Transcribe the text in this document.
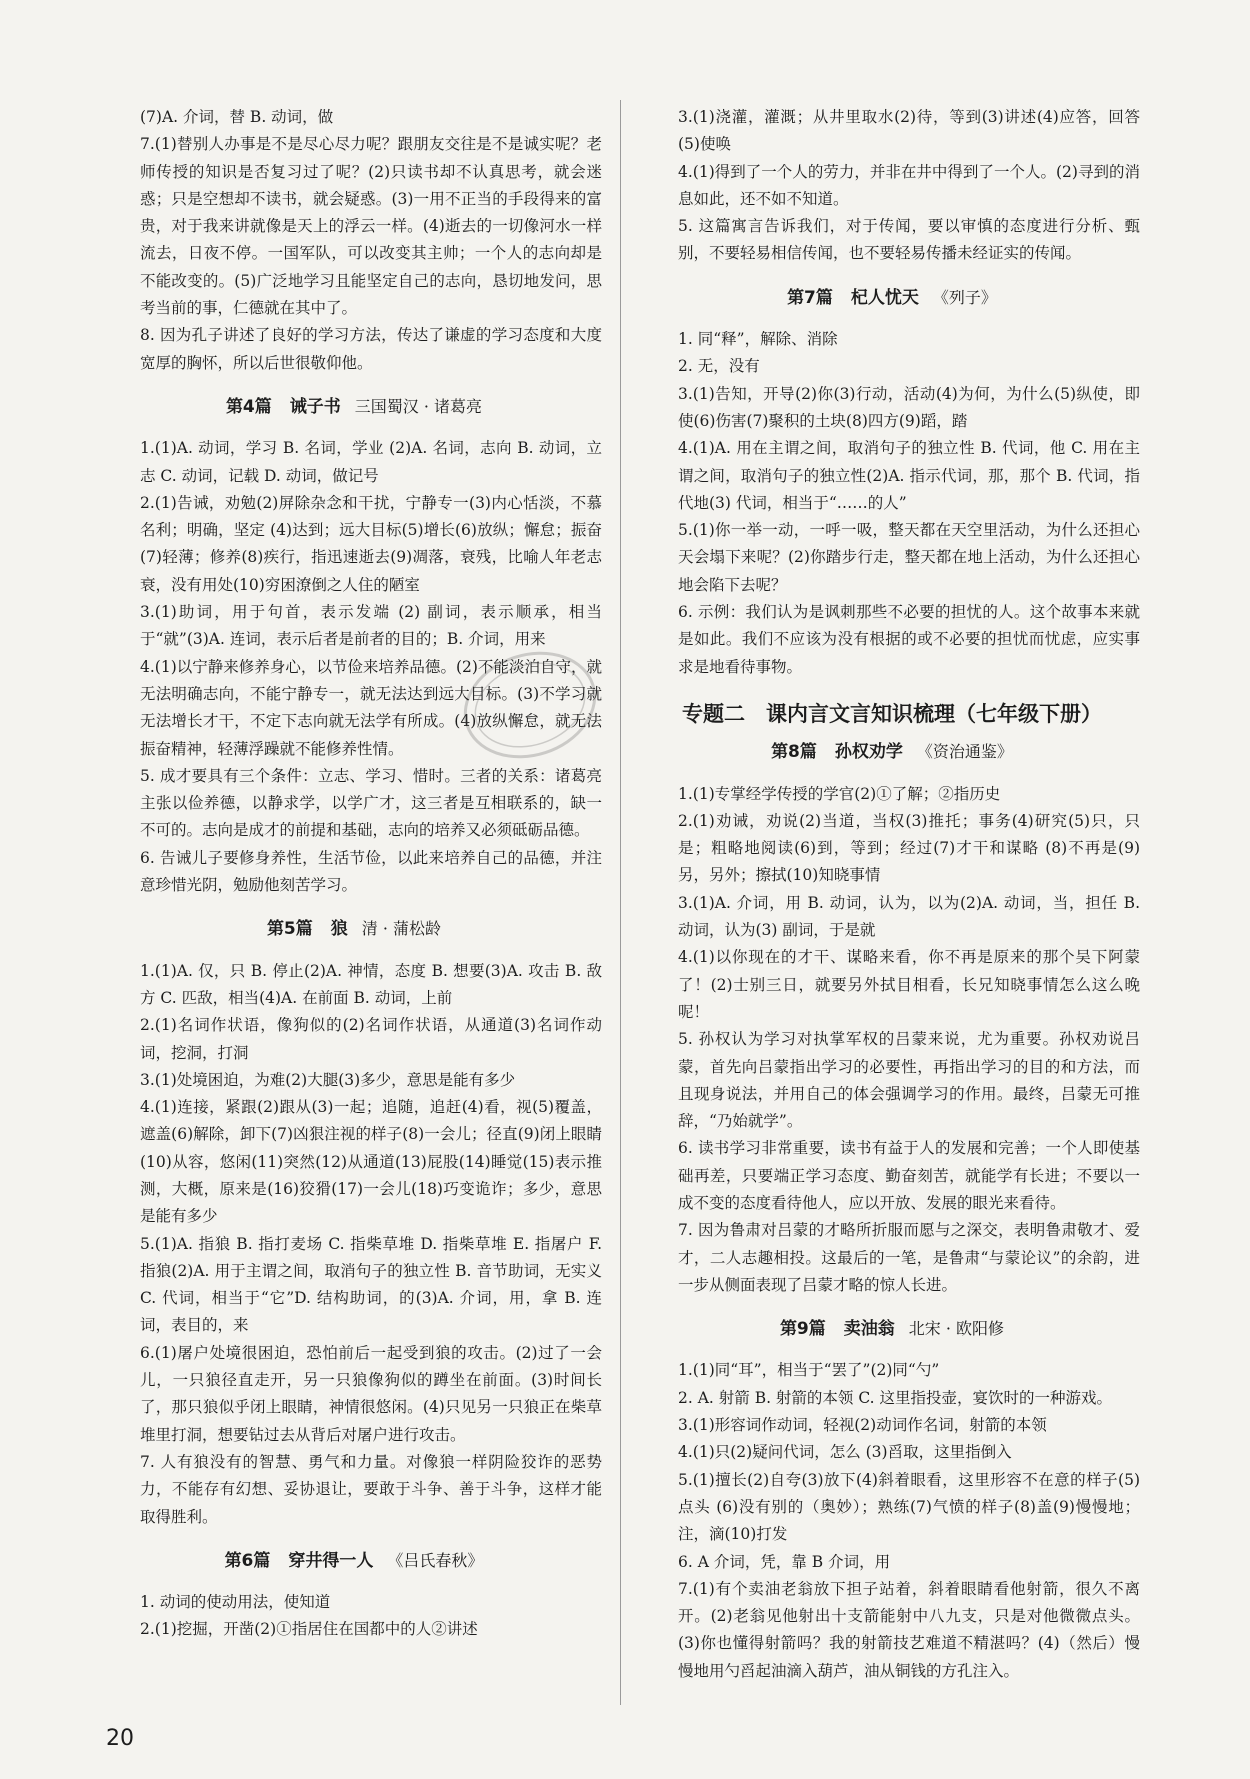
(7)A. 介词，替 B. 动词，做

7.(1)替别人办事是不是尽心尽力呢？跟朋友交往是不是诚实呢？老师传授的知识是否复习过了呢？(2)只读书却不认真思考，就会迷惑；只是空想却不读书，就会疑惑。(3)一用不正当的手段得来的富贵，对于我来讲就像是天上的浮云一样。(4)逝去的一切像河水一样流去，日夜不停。一国军队，可以改变其主帅；一个人的志向却是不能改变的。(5)广泛地学习且能坚定自己的志向，恳切地发问，思考当前的事，仁德就在其中了。

8. 因为孔子讲述了良好的学习方法，传达了谦虚的学习态度和大度宽厚的胸怀，所以后世很敬仰他。

第4篇 诫子书 三国蜀汉 · 诸葛亮

1.(1)A. 动词，学习 B. 名词，学业 (2)A. 名词，志向 B. 动词，立志 C. 动词，记载 D. 动词，做记号

2.(1)告诫，劝勉(2)屏除杂念和干扰，宁静专一(3)内心恬淡，不慕名利；明确，坚定 (4)达到；远大目标(5)增长(6)放纵；懈怠；振奋(7)轻薄；修养(8)疾行，指迅速逝去(9)凋落，衰残，比喻人年老志衰，没有用处(10)穷困潦倒之人住的陋室

3.(1)助词，用于句首，表示发端 (2) 副词，表示顺承，相当于“就”(3)A. 连词，表示后者是前者的目的；B. 介词，用来

4.(1)以宁静来修养身心，以节俭来培养品德。(2)不能淡泊自守，就无法明确志向，不能宁静专一，就无法达到远大目标。(3)不学习就无法增长才干，不定下志向就无法学有所成。(4)放纵懈怠，就无法振奋精神，轻薄浮躁就不能修养性情。

5. 成才要具有三个条件：立志、学习、惜时。三者的关系：诸葛亮主张以俭养德，以静求学，以学广才，这三者是互相联系的，缺一不可的。志向是成才的前提和基础，志向的培养又必须砥砺品德。

6. 告诫儿子要修身养性，生活节俭，以此来培养自己的品德，并注意珍惜光阴，勉励他刻苦学习。

第5篇 狼 清 · 蒲松龄

1.(1)A. 仅，只 B. 停止(2)A. 神情，态度 B. 想要(3)A. 攻击 B. 敌方 C. 匹敌，相当(4)A. 在前面 B. 动词，上前

2.(1)名词作状语，像狗似的(2)名词作状语，从通道(3)名词作动词，挖洞，打洞

3.(1)处境困迫，为难(2)大腿(3)多少，意思是能有多少

4.(1)连接，紧跟(2)跟从(3)一起；追随，追赶(4)看，视(5)覆盖，遮盖(6)解除，卸下(7)凶狠注视的样子(8)一会儿；径直(9)闭上眼睛(10)从容，悠闲(11)突然(12)从通道(13)屁股(14)睡觉(15)表示推测，大概，原来是(16)狡猾(17)一会儿(18)巧变诡诈；多少，意思是能有多少

5.(1)A. 指狼 B. 指打麦场 C. 指柴草堆 D. 指柴草堆 E. 指屠户 F. 指狼(2)A. 用于主谓之间，取消句子的独立性 B. 音节助词，无实义 C. 代词，相当于“它”D. 结构助词，的(3)A. 介词，用，拿 B. 连词，表目的，来

6.(1)屠户处境很困迫，恐怕前后一起受到狼的攻击。(2)过了一会儿，一只狼径直走开，另一只狼像狗似的蹲坐在前面。(3)时间长了，那只狼似乎闭上眼睛，神情很悠闲。(4)只见另一只狼正在柴草堆里打洞，想要钻过去从背后对屠户进行攻击。

7. 人有狼没有的智慧、勇气和力量。对像狼一样阴险狡诈的恶势力，不能存有幻想、妥协退让，要敢于斗争、善于斗争，这样才能取得胜利。

第6篇 穿井得一人 《吕氏春秋》

1. 动词的使动用法，使知道

2.(1)挖掘，开凿(2)①指居住在国都中的人②讲述

3.(1)浇灌，灌溉；从井里取水(2)待，等到(3)讲述(4)应答，回答(5)使唤

4.(1)得到了一个人的劳力，并非在井中得到了一个人。(2)寻到的消息如此，还不如不知道。

5. 这篇寓言告诉我们，对于传闻，要以审慎的态度进行分析、甄别，不要轻易相信传闻，也不要轻易传播未经证实的传闻。

第7篇 杞人忧天 《列子》

1. 同“释”，解除、消除

2. 无，没有

3.(1)告知，开导(2)你(3)行动，活动(4)为何，为什么(5)纵使，即使(6)伤害(7)聚积的土块(8)四方(9)蹈，踏

4.(1)A. 用在主谓之间，取消句子的独立性 B. 代词，他 C. 用在主谓之间，取消句子的独立性(2)A. 指示代词，那，那个 B. 代词，指代地(3) 代词，相当于“……的人”

5.(1)你一举一动，一呼一吸，整天都在天空里活动，为什么还担心天会塌下来呢？(2)你踏步行走，整天都在地上活动，为什么还担心地会陷下去呢？

6. 示例：我们认为是讽刺那些不必要的担忧的人。这个故事本来就是如此。我们不应该为没有根据的或不必要的担忧而忧虑，应实事求是地看待事物。

专题二　课内言文言知识梳理（七年级下册）
第8篇 孙权劝学 《资治通鉴》

1.(1)专掌经学传授的学官(2)①了解；②指历史

2.(1)劝诫，劝说(2)当道，当权(3)推托；事务(4)研究(5)只，只是；粗略地阅读(6)到，等到；经过(7)才干和谋略 (8)不再是(9)另，另外；擦拭(10)知晓事情

3.(1)A. 介词，用 B. 动词，认为，以为(2)A. 动词，当，担任 B. 动词，认为(3) 副词，于是就

4.(1)以你现在的才干、谋略来看，你不再是原来的那个吴下阿蒙了！(2)士别三日，就要另外拭目相看，长兄知晓事情怎么这么晚呢！

5. 孙权认为学习对执掌军权的吕蒙来说，尤为重要。孙权劝说吕蒙，首先向吕蒙指出学习的必要性，再指出学习的目的和方法，而且现身说法，并用自己的体会强调学习的作用。最终，吕蒙无可推辞，“乃始就学”。

6. 读书学习非常重要，读书有益于人的发展和完善；一个人即使基础再差，只要端正学习态度、勤奋刻苦，就能学有长进；不要以一成不变的态度看待他人，应以开放、发展的眼光来看待。

7. 因为鲁肃对吕蒙的才略所折服而愿与之深交，表明鲁肃敬才、爱才，二人志趣相投。这最后的一笔，是鲁肃“与蒙论议”的余韵，进一步从侧面表现了吕蒙才略的惊人长进。

第9篇 卖油翁 北宋 · 欧阳修

1.(1)同“耳”，相当于“罢了”(2)同“勺”

2. A. 射箭 B. 射箭的本领 C. 这里指投壶，宴饮时的一种游戏。

3.(1)形容词作动词，轻视(2)动词作名词，射箭的本领

4.(1)只(2)疑问代词，怎么 (3)舀取，这里指倒入

5.(1)擅长(2)自夸(3)放下(4)斜着眼看，这里形容不在意的样子(5)点头 (6)没有别的（奥妙）；熟练(7)气愤的样子(8)盖(9)慢慢地；注，滴(10)打发

6. A 介词，凭，靠 B 介词，用

7.(1)有个卖油老翁放下担子站着，斜着眼睛看他射箭，很久不离开。(2)老翁见他射出十支箭能射中八九支，只是对他微微点头。(3)你也懂得射箭吗？我的射箭技艺难道不精湛吗？(4)（然后）慢慢地用勺舀起油滴入葫芦，油从铜钱的方孔注入。

20
